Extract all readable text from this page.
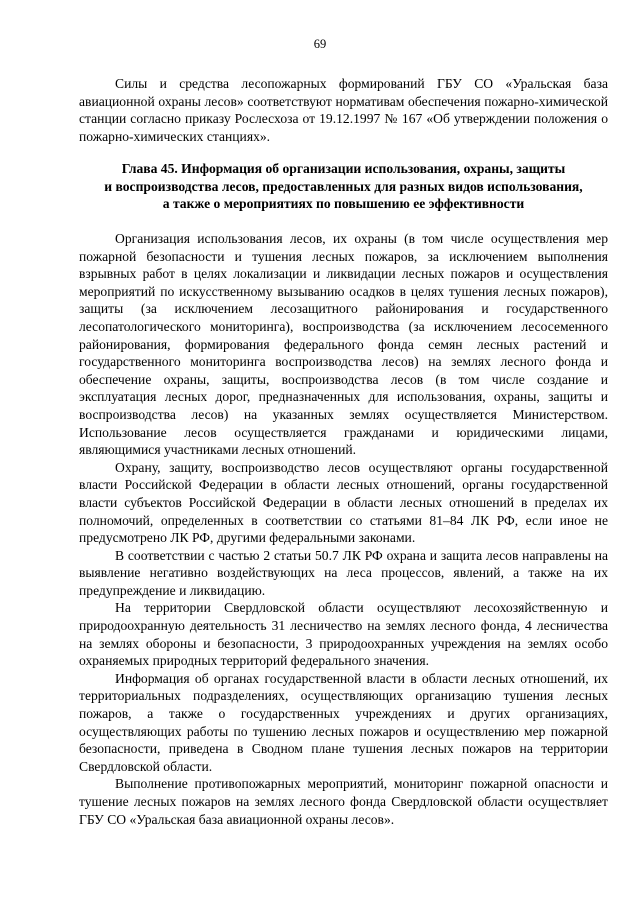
69

Силы и средства лесопожарных формирований ГБУ СО «Уральская база авиационной охраны лесов» соответствуют нормативам обеспечения пожарно-химической станции согласно приказу Рослесхоза от 19.12.1997 № 167 «Об утверждении положения о пожарно-химических станциях».

Глава 45. Информация об организации использования, охраны, защиты
и воспроизводства лесов, предоставленных для разных видов использования,
а также о мероприятиях по повышению ее эффективности

Организация использования лесов, их охраны (в том числе осуществления мер пожарной безопасности и тушения лесных пожаров, за исключением выполнения взрывных работ в целях локализации и ликвидации лесных пожаров и осуществления мероприятий по искусственному вызыванию осадков в целях тушения лесных пожаров), защиты (за исключением лесозащитного районирования и государственного лесопатологического мониторинга), воспроизводства (за исключением лесосеменного районирования, формирования федерального фонда семян лесных растений и государственного мониторинга воспроизводства лесов) на землях лесного фонда и обеспечение охраны, защиты, воспроизводства лесов (в том числе создание и эксплуатация лесных дорог, предназначенных для использования, охраны, защиты и воспроизводства лесов) на указанных землях осуществляется Министерством. Использование лесов осуществляется гражданами и юридическими лицами, являющимися участниками лесных отношений.

Охрану, защиту, воспроизводство лесов осуществляют органы государственной власти Российской Федерации в области лесных отношений, органы государственной власти субъектов Российской Федерации в области лесных отношений в пределах их полномочий, определенных в соответствии со статьями 81–84 ЛК РФ, если иное не предусмотрено ЛК РФ, другими федеральными законами.

В соответствии с частью 2 статьи 50.7 ЛК РФ охрана и защита лесов направлены на выявление негативно воздействующих на леса процессов, явлений, а также на их предупреждение и ликвидацию.

На территории Свердловской области осуществляют лесохозяйственную и природоохранную деятельность 31 лесничество на землях лесного фонда, 4 лесничества на землях обороны и безопасности, 3 природоохранных учреждения на землях особо охраняемых природных территорий федерального значения.

Информация об органах государственной власти в области лесных отношений, их территориальных подразделениях, осуществляющих организацию тушения лесных пожаров, а также о государственных учреждениях и других организациях, осуществляющих работы по тушению лесных пожаров и осуществлению мер пожарной безопасности, приведена в Сводном плане тушения лесных пожаров на территории Свердловской области.

Выполнение противопожарных мероприятий, мониторинг пожарной опасности и тушение лесных пожаров на землях лесного фонда Свердловской области осуществляет ГБУ СО «Уральская база авиационной охраны лесов».
